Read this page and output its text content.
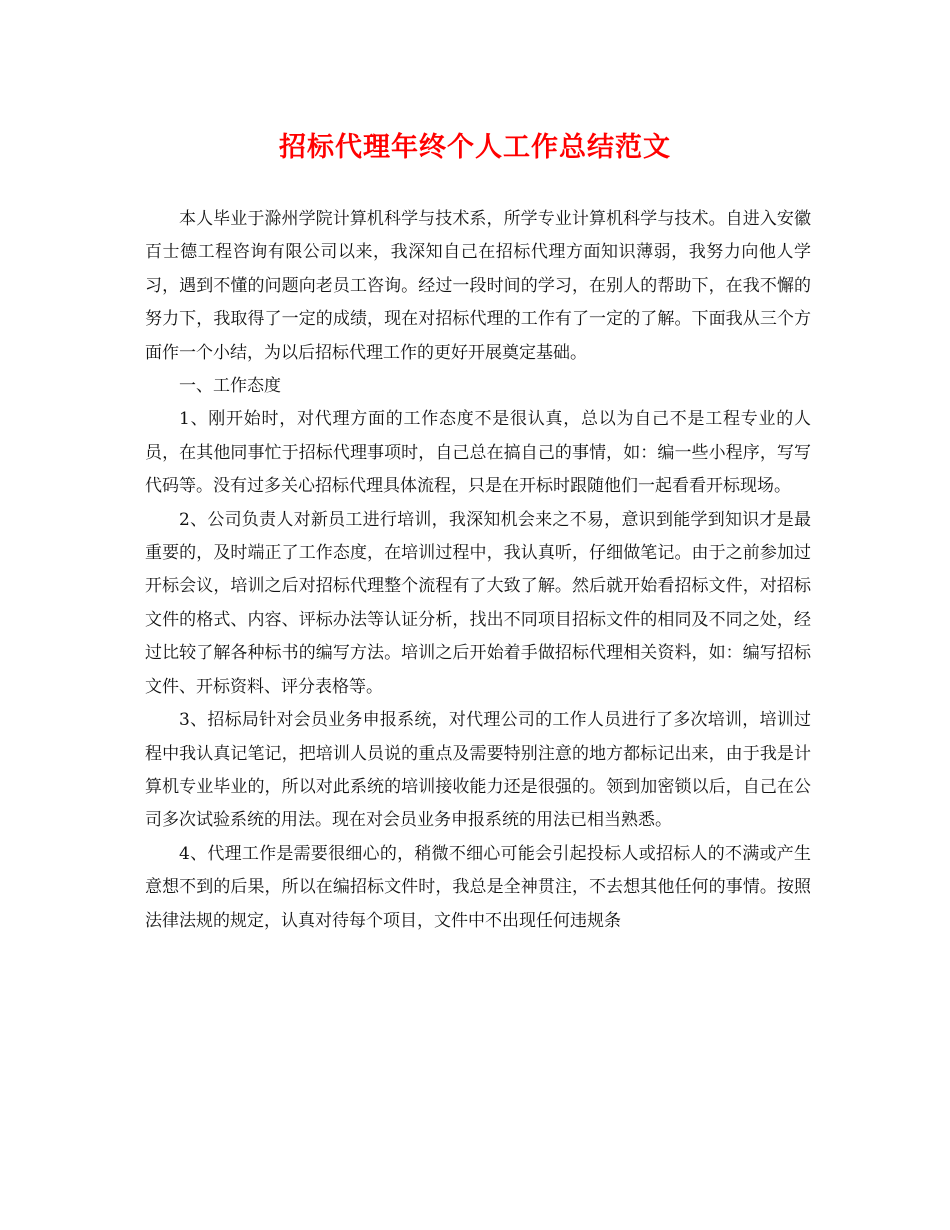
招标代理年终个人工作总结范文

本人毕业于滁州学院计算机科学与技术系，所学专业计算机科学与技术。自进入安徽百士德工程咨询有限公司以来，我深知自己在招标代理方面知识薄弱，我努力向他人学习，遇到不懂的问题向老员工咨询。经过一段时间的学习，在别人的帮助下，在我不懈的努力下，我取得了一定的成绩，现在对招标代理的工作有了一定的了解。下面我从三个方面作一个小结，为以后招标代理工作的更好开展奠定基础。

一、工作态度

1、刚开始时，对代理方面的工作态度不是很认真，总以为自己不是工程专业的人员，在其他同事忙于招标代理事项时，自己总在搞自己的事情，如：编一些小程序，写写代码等。没有过多关心招标代理具体流程，只是在开标时跟随他们一起看看开标现场。

2、公司负责人对新员工进行培训，我深知机会来之不易，意识到能学到知识才是最重要的，及时端正了工作态度，在培训过程中，我认真听，仔细做笔记。由于之前参加过开标会议，培训之后对招标代理整个流程有了大致了解。然后就开始看招标文件，对招标文件的格式、内容、评标办法等认证分析，找出不同项目招标文件的相同及不同之处，经过比较了解各种标书的编写方法。培训之后开始着手做招标代理相关资料，如：编写招标文件、开标资料、评分表格等。

3、招标局针对会员业务申报系统，对代理公司的工作人员进行了多次培训，培训过程中我认真记笔记，把培训人员说的重点及需要特别注意的地方都标记出来，由于我是计算机专业毕业的，所以对此系统的培训接收能力还是很强的。领到加密锁以后，自己在公司多次试验系统的用法。现在对会员业务申报系统的用法已相当熟悉。

4、代理工作是需要很细心的，稍微不细心可能会引起投标人或招标人的不满或产生意想不到的后果，所以在编招标文件时，我总是全神贯注，不去想其他任何的事情。按照法律法规的规定，认真对待每个项目，文件中不出现任何违规条
